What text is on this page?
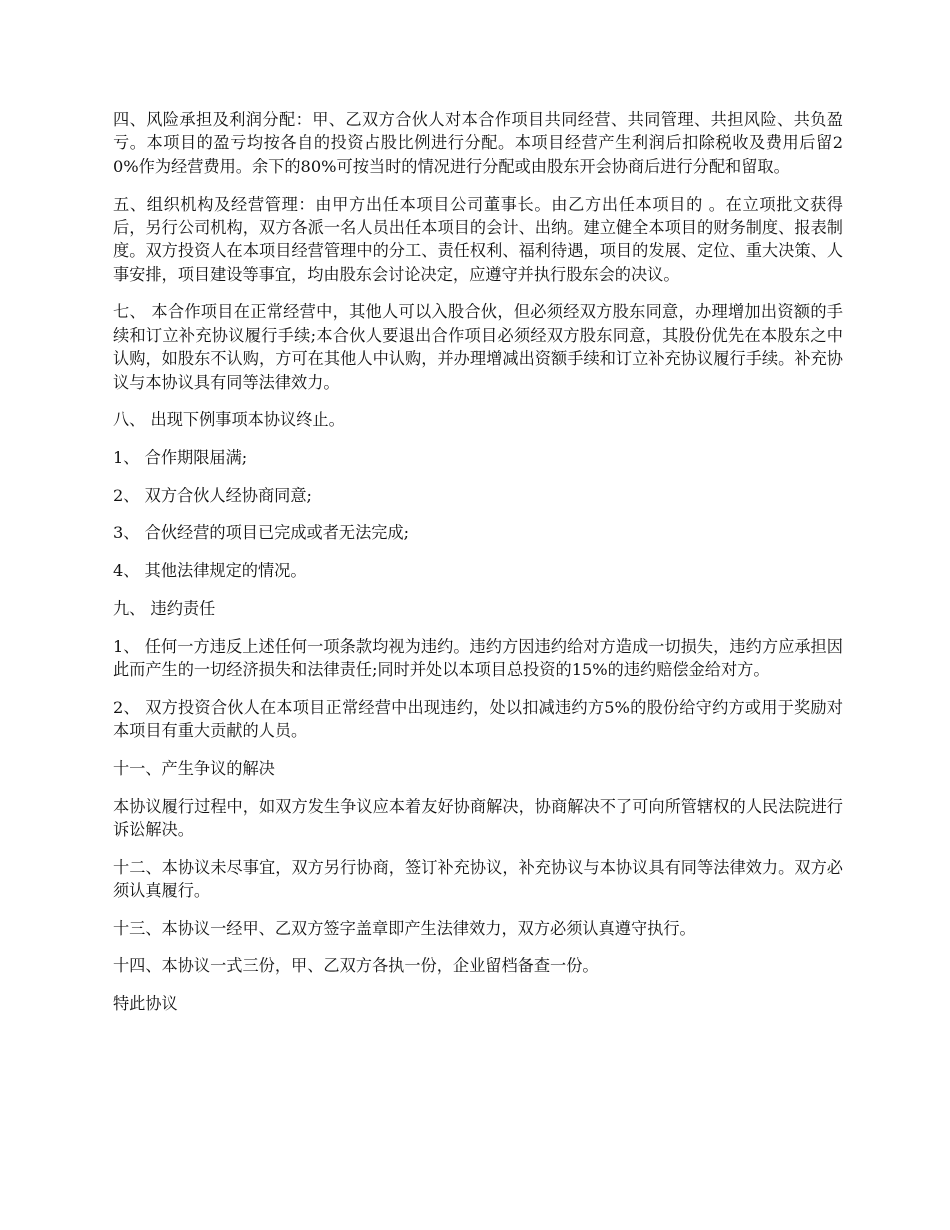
四、风险承担及利润分配：甲、乙双方合伙人对本合作项目共同经营、共同管理、共担风险、共负盈亏。本项目的盈亏均按各自的投资占股比例进行分配。本项目经营产生利润后扣除税收及费用后留20%作为经营费用。余下的80%可按当时的情况进行分配或由股东开会协商后进行分配和留取。

五、组织机构及经营管理：由甲方出任本项目公司董事长。由乙方出任本项目的 。在立项批文获得后，另行公司机构，双方各派一名人员出任本项目的会计、出纳。建立健全本项目的财务制度、报表制度。双方投资人在本项目经营管理中的分工、责任权利、福利待遇，项目的发展、定位、重大决策、人事安排，项目建设等事宜，均由股东会讨论决定，应遵守并执行股东会的决议。

七、 本合作项目在正常经营中，其他人可以入股合伙，但必须经双方股东同意，办理增加出资额的手续和订立补充协议履行手续;本合伙人要退出合作项目必须经双方股东同意，其股份优先在本股东之中认购，如股东不认购，方可在其他人中认购，并办理增减出资额手续和订立补充协议履行手续。补充协议与本协议具有同等法律效力。

八、 出现下例事项本协议终止。

1、 合作期限届满;

2、 双方合伙人经协商同意;

3、 合伙经营的项目已完成或者无法完成;

4、 其他法律规定的情况。

九、 违约责任

1、 任何一方违反上述任何一项条款均视为违约。违约方因违约给对方造成一切损失，违约方应承担因此而产生的一切经济损失和法律责任;同时并处以本项目总投资的15%的违约赔偿金给对方。

2、 双方投资合伙人在本项目正常经营中出现违约，处以扣减违约方5%的股份给守约方或用于奖励对本项目有重大贡献的人员。

十一、产生争议的解决

本协议履行过程中，如双方发生争议应本着友好协商解决，协商解决不了可向所管辖权的人民法院进行诉讼解决。

十二、本协议未尽事宜，双方另行协商，签订补充协议，补充协议与本协议具有同等法律效力。双方必须认真履行。

十三、本协议一经甲、乙双方签字盖章即产生法律效力，双方必须认真遵守执行。

十四、本协议一式三份，甲、乙双方各执一份，企业留档备查一份。

特此协议
